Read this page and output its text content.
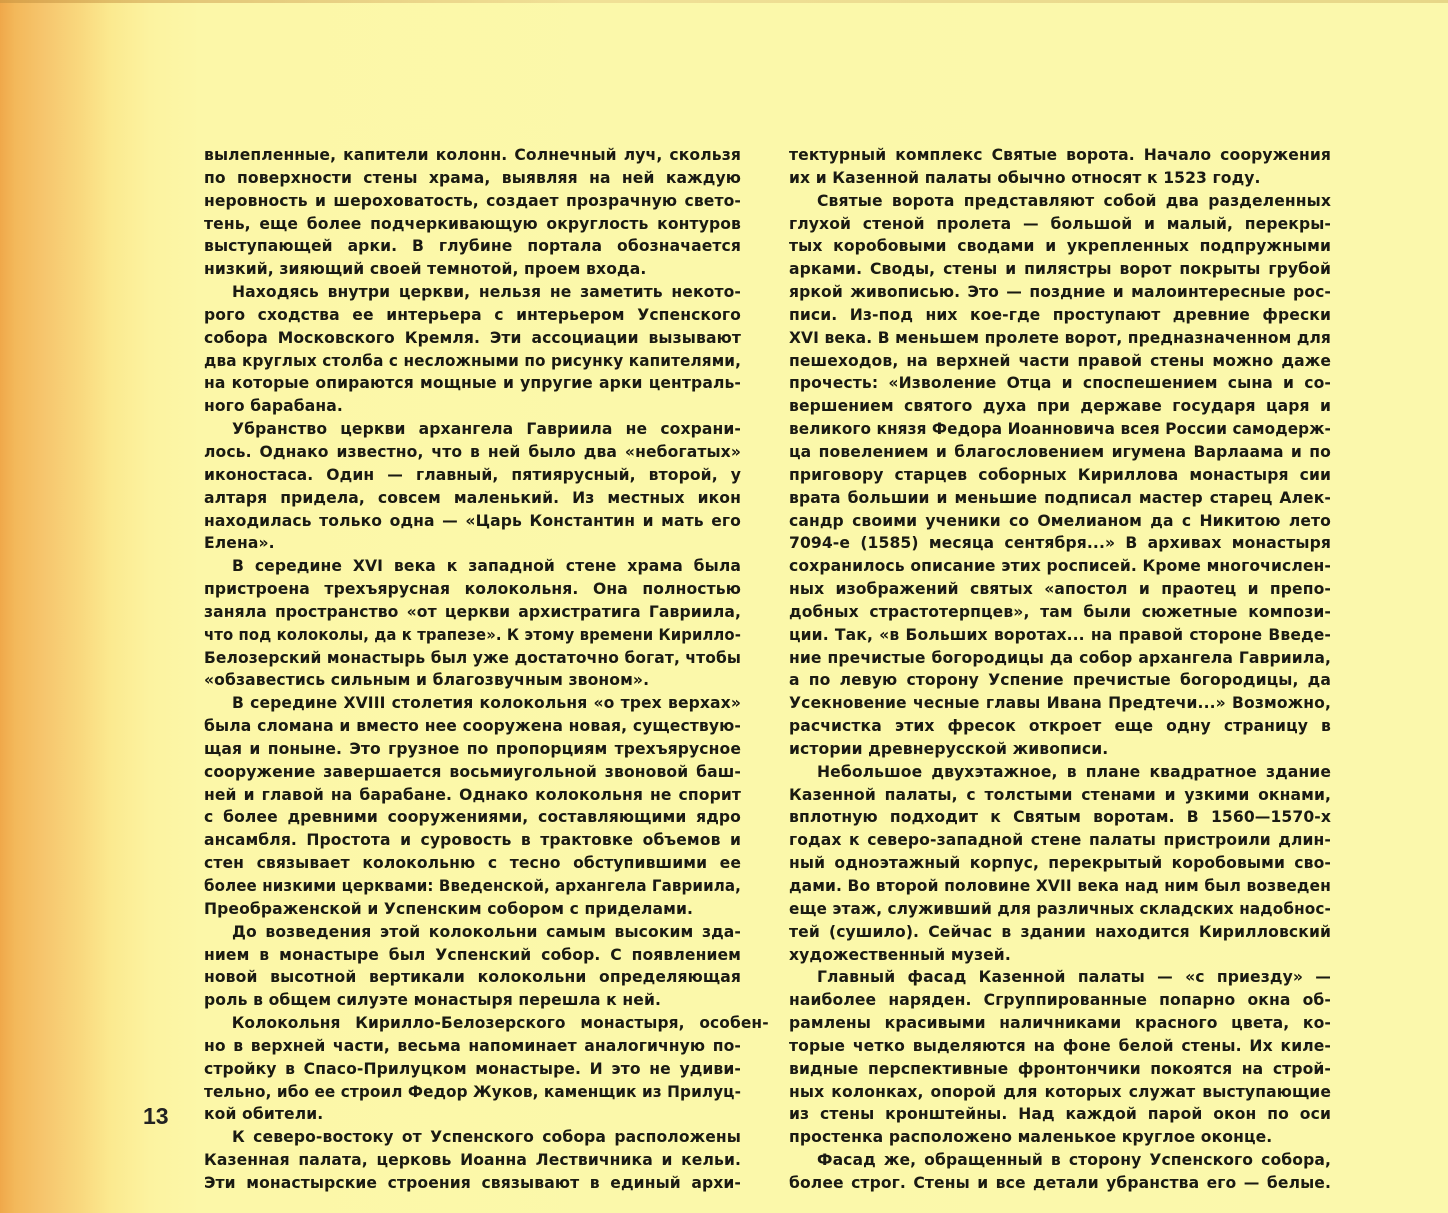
вылепленные, капители колонн. Солнечный луч, скользя
по поверхности стены храма, выявляя на ней каждую
неровность и шероховатость, создает прозрачную свето-
тень, еще более подчеркивающую округлость контуров
выступающей арки. В глубине портала обозначается
низкий, зияющий своей темнотой, проем входа.
Находясь внутри церкви, нельзя не заметить некото-
рого сходства ее интерьера с интерьером Успенского
собора Московского Кремля. Эти ассоциации вызывают
два круглых столба с несложными по рисунку капителями,
на которые опираются мощные и упругие арки централь-
ного барабана.
Убранство церкви архангела Гавриила не сохрани-
лось. Однако известно, что в ней было два «небогатых»
иконостаса. Один — главный, пятиярусный, второй, у
алтаря придела, совсем маленький. Из местных икон
находилась только одна — «Царь Константин и мать его
Елена».
В середине XVI века к западной стене храма была
пристроена трехъярусная колокольня. Она полностью
заняла пространство «от церкви архистратига Гавриила,
что под колоколы, да к трапезе». К этому времени Кирилло-
Белозерский монастырь был уже достаточно богат, чтобы
«обзавестись сильным и благозвучным звоном».
В середине XVIII столетия колокольня «о трех верхах»
была сломана и вместо нее сооружена новая, существую-
щая и поныне. Это грузное по пропорциям трехъярусное
сооружение завершается восьмиугольной звоновой баш-
ней и главой на барабане. Однако колокольня не спорит
с более древними сооружениями, составляющими ядро
ансамбля. Простота и суровость в трактовке объемов и
стен связывает колокольню с тесно обступившими ее
более низкими церквами: Введенской, архангела Гавриила,
Преображенской и Успенским собором с приделами.
До возведения этой колокольни самым высоким зда-
нием в монастыре был Успенский собор. С появлением
новой высотной вертикали колокольни определяющая
роль в общем силуэте монастыря перешла к ней.
Колокольня Кирилло-Белозерского монастыря, особен-
но в верхней части, весьма напоминает аналогичную по-
стройку в Спасо-Прилуцком монастыре. И это не удиви-
тельно, ибо ее строил Федор Жуков, каменщик из Прилуц-
кой обители.
К северо-востоку от Успенского собора расположены
Казенная палата, церковь Иоанна Лествичника и кельи.
Эти монастырские строения связывают в единый архи-
тектурный комплекс Святые ворота. Начало сооружения
их и Казенной палаты обычно относят к 1523 году.
Святые ворота представляют собой два разделенных
глухой стеной пролета — большой и малый, перекры-
тых коробовыми сводами и укрепленных подпружными
арками. Своды, стены и пилястры ворот покрыты грубой
яркой живописью. Это — поздние и малоинтересные рос-
писи. Из-под них кое-где проступают древние фрески
XVI века. В меньшем пролете ворот, предназначенном для
пешеходов, на верхней части правой стены можно даже
прочесть: «Изволение Отца и споспешением сына и со-
вершением святого духа при державе государя царя и
великого князя Федора Иоанновича всея России самодерж-
ца повелением и благословением игумена Варлаама и по
приговору старцев соборных Кириллова монастыря сии
врата большии и меньшие подписал мастер старец Алек-
сандр своими ученики со Омелианом да с Никитою лето
7094-е (1585) месяца сентября...» В архивах монастыря
сохранилось описание этих росписей. Кроме многочислен-
ных изображений святых «апостол и праотец и препо-
добных страстотерпцев», там были сюжетные компози-
ции. Так, «в Больших воротах... на правой стороне Введе-
ние пречистые богородицы да собор архангела Гавриила,
а по левую сторону Успение пречистые богородицы, да
Усекновение чесные главы Ивана Предтечи...» Возможно,
расчистка этих фресок откроет еще одну страницу в
истории древнерусской живописи.
Небольшое двухэтажное, в плане квадратное здание
Казенной палаты, с толстыми стенами и узкими окнами,
вплотную подходит к Святым воротам. В 1560—1570-х
годах к северо-западной стене палаты пристроили длин-
ный одноэтажный корпус, перекрытый коробовыми сво-
дами. Во второй половине XVII века над ним был возведен
еще этаж, служивший для различных складских надобнос-
тей (сушило). Сейчас в здании находится Кирилловский
художественный музей.
Главный фасад Казенной палаты — «с приезду» —
наиболее наряден. Сгруппированные попарно окна об-
рамлены красивыми наличниками красного цвета, ко-
торые четко выделяются на фоне белой стены. Их киле-
видные перспективные фронтончики покоятся на строй-
ных колонках, опорой для которых служат выступающие
из стены кронштейны. Над каждой парой окон по оси
простенка расположено маленькое круглое оконце.
Фасад же, обращенный в сторону Успенского собора,
более строг. Стены и все детали убранства его — белые.
13
